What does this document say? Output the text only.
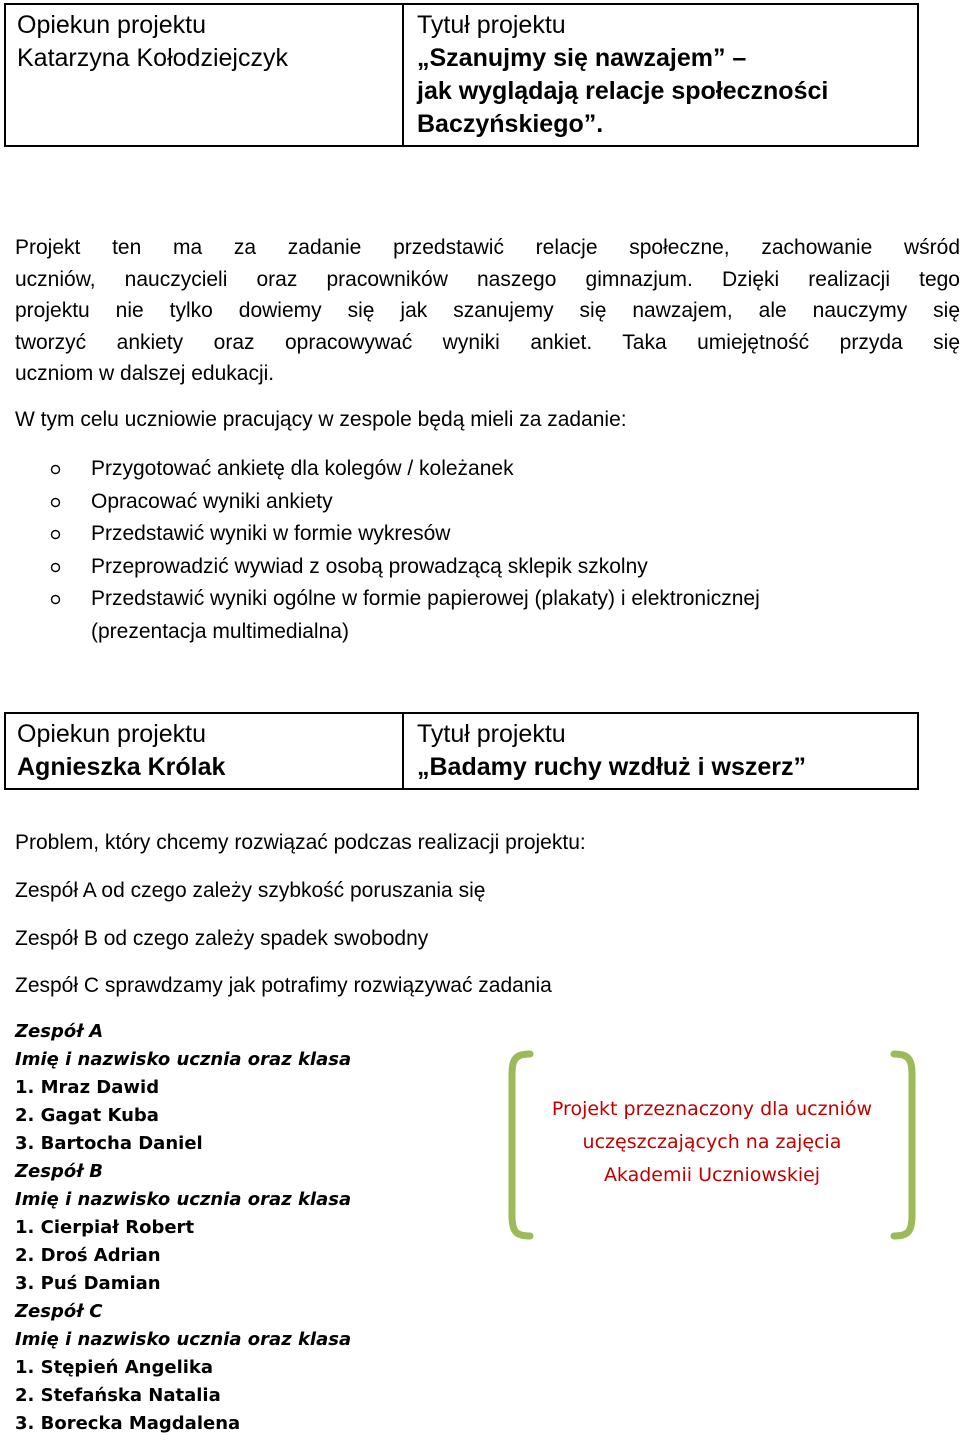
Opiekun projektu
Katarzyna Kołodziejczyk

Tytuł projektu
„Szanujmy się nawzajem” –
jak wyglądają relacje społeczności
Baczyńskiego”.

Projekt ten ma za zadanie przedstawić relacje społeczne, zachowanie wśród
uczniów, nauczycieli oraz pracowników naszego gimnazjum. Dzięki realizacji tego
projektu nie tylko dowiemy się jak szanujemy się nawzajem, ale nauczymy się
tworzyć ankiety oraz opracowywać wyniki ankiet. Taka umiejętność przyda się
uczniom w dalszej edukacji.

W tym celu uczniowie pracujący w zespole będą mieli za zadanie:

Przygotować ankietę dla kolegów / koleżanek
Opracować wyniki ankiety
Przedstawić wyniki w formie wykresów
Przeprowadzić wywiad z osobą prowadzącą sklepik szkolny
Przedstawić wyniki ogólne w formie papierowej (plakaty) i elektronicznej
(prezentacja multimedialna)
Opiekun projektu
Agnieszka Królak

Tytuł projektu
„Badamy ruchy wzdłuż i wszerz”

Problem, który chcemy rozwiązać podczas realizacji projektu:

Zespół A od czego zależy szybkość poruszania się

Zespół B od czego zależy spadek swobodny

Zespół C sprawdzamy jak potrafimy rozwiązywać zadania

Zespół A
Imię i nazwisko ucznia oraz klasa
1. Mraz Dawid
2. Gagat Kuba
3. Bartocha Daniel
Zespół B
Imię i nazwisko ucznia oraz klasa
1. Cierpiał Robert
2. Droś Adrian
3. Puś Damian
Zespół C
Imię i nazwisko ucznia oraz klasa
1. Stępień Angelika
2. Stefańska Natalia
3. Borecka Magdalena
Projekt przeznaczony dla uczniów
uczęszczających na zajęcia
Akademii Uczniowskiej
